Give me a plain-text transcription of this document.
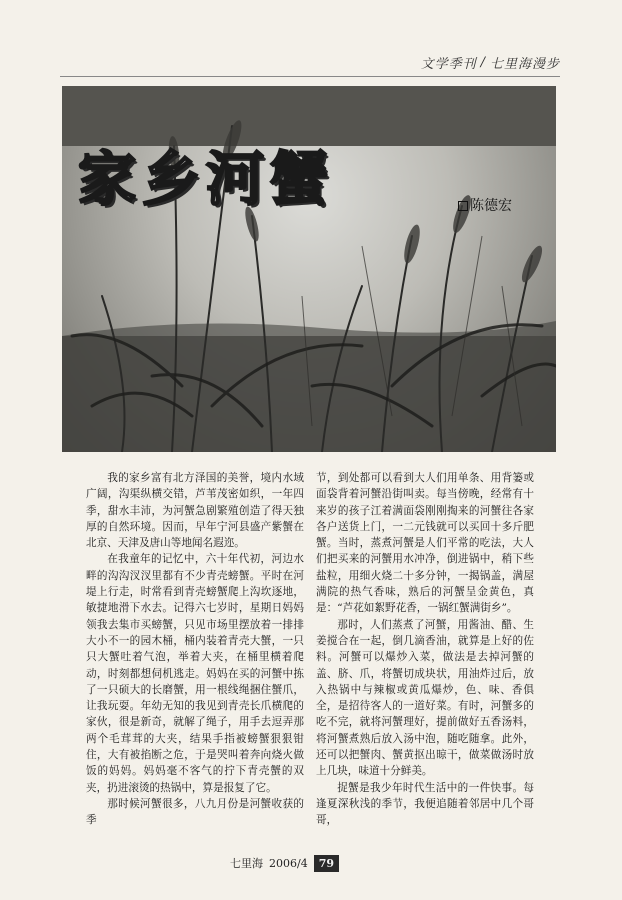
文学季刊 / 七里海漫步
家乡河蟹	陈德宏

我的家乡富有北方泽国的美誉，境内水域广阔，沟渠纵横交错，芦苇茂密如织，一年四季，甜水丰沛，为河蟹急剧繁殖创造了得天独厚的自然环境。因而，早年宁河县盛产紫蟹在北京、天津及唐山等地闻名遐迩。

在我童年的记忆中，六十年代初，河边水畔的沟沟汊汊里都有不少青壳螃蟹。平时在河堤上行走，时常看到青壳螃蟹爬上沟坎逐地，敏捷地滑下水去。记得六七岁时，星期日妈妈领我去集市买螃蟹，只见市场里摆放着一排排大小不一的园木桶，桶内装着青壳大蟹，一只只大蟹吐着气泡，举着大夹，在桶里横着爬动，时刻都想伺机逃走。妈妈在买的河蟹中拣了一只硕大的长磨蟹，用一根线绳捆住蟹爪，让我玩耍。年幼无知的我见到青壳长爪横爬的家伙，很是新奇，就解了绳子，用手去逗弄那两个毛茸茸的大夹，结果手指被螃蟹狠狠钳住，大有被掐断之危，于是哭叫着奔向烧火做饭的妈妈。妈妈毫不客气的拧下青壳蟹的双夹，扔进滚烫的热锅中，算是报复了它。

那时候河蟹很多，八九月份是河蟹收获的季

节，到处都可以看到大人们用单条、用背篓或面袋背着河蟹沿街叫卖。每当傍晚，经常有十来岁的孩子江着满面袋刚刚掏来的河蟹往各家各户送货上门，一二元钱就可以买回十多斤肥蟹。当时，蒸煮河蟹是人们平常的吃法，大人们把买来的河蟹用水冲净，倒进锅中，稍下些盐粒，用细火烧二十多分钟，一揭锅盖，满屋满院的热气香味，熟后的河蟹呈金黄色，真是：“芦花如絮野花香，一锅红蟹满街乡”。

那时，人们蒸煮了河蟹，用酱油、醋、生姜搅合在一起，倒几滴香油，就算是上好的佐料。河蟹可以爆炒入菜，做法是去掉河蟹的盖、脐、爪，将蟹切成块状，用油炸过后，放入热锅中与辣椒或黄瓜爆炒，色、味、香俱全，是招待客人的一道好菜。有时，河蟹多的吃不完，就将河蟹理好，提前做好五香汤料，将河蟹煮熟后放入汤中泡，随吃随拿。此外，还可以把蟹肉、蟹黄抠出晾干，做菜做汤时放上几块，味道十分鲜美。

捉蟹是我少年时代生活中的一件快事。每逢夏深秋浅的季节，我便追随着邻居中几个哥哥，

七里海 2006/4	79
